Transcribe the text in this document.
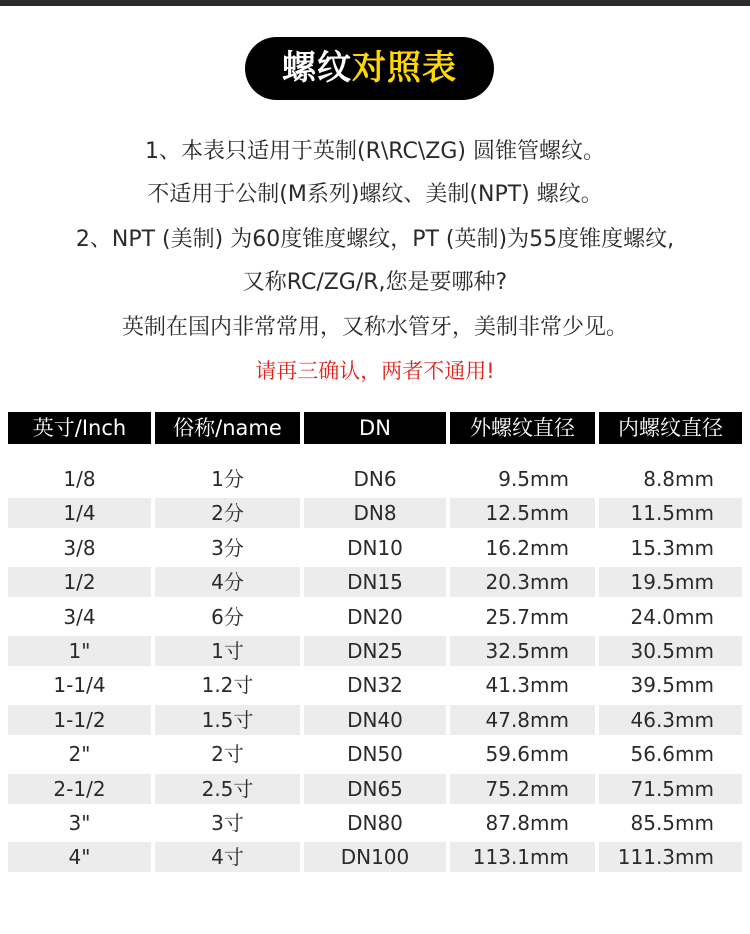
螺纹对照表
1、本表只适用于英制(R\RC\ZG) 圆锥管螺纹。
不适用于公制(M系列)螺纹、美制(NPT) 螺纹。
2、NPT (美制) 为60度锥度螺纹，PT (英制)为55度锥度螺纹,
又称RC/ZG/R,您是要哪种?
英制在国内非常常用，又称水管牙，美制非常少见。
请再三确认，两者不通用!
英寸/Inch	俗称/name	DN	外螺纹直径	内螺纹直径
1/8	1分	DN6	9.5mm	8.8mm
1/4	2分	DN8	12.5mm	11.5mm
3/8	3分	DN10	16.2mm	15.3mm
1/2	4分	DN15	20.3mm	19.5mm
3/4	6分	DN20	25.7mm	24.0mm
1"	1寸	DN25	32.5mm	30.5mm
1-1/4	1.2寸	DN32	41.3mm	39.5mm
1-1/2	1.5寸	DN40	47.8mm	46.3mm
2"	2寸	DN50	59.6mm	56.6mm
2-1/2	2.5寸	DN65	75.2mm	71.5mm
3"	3寸	DN80	87.8mm	85.5mm
4"	4寸	DN100	113.1mm	111.3mm
